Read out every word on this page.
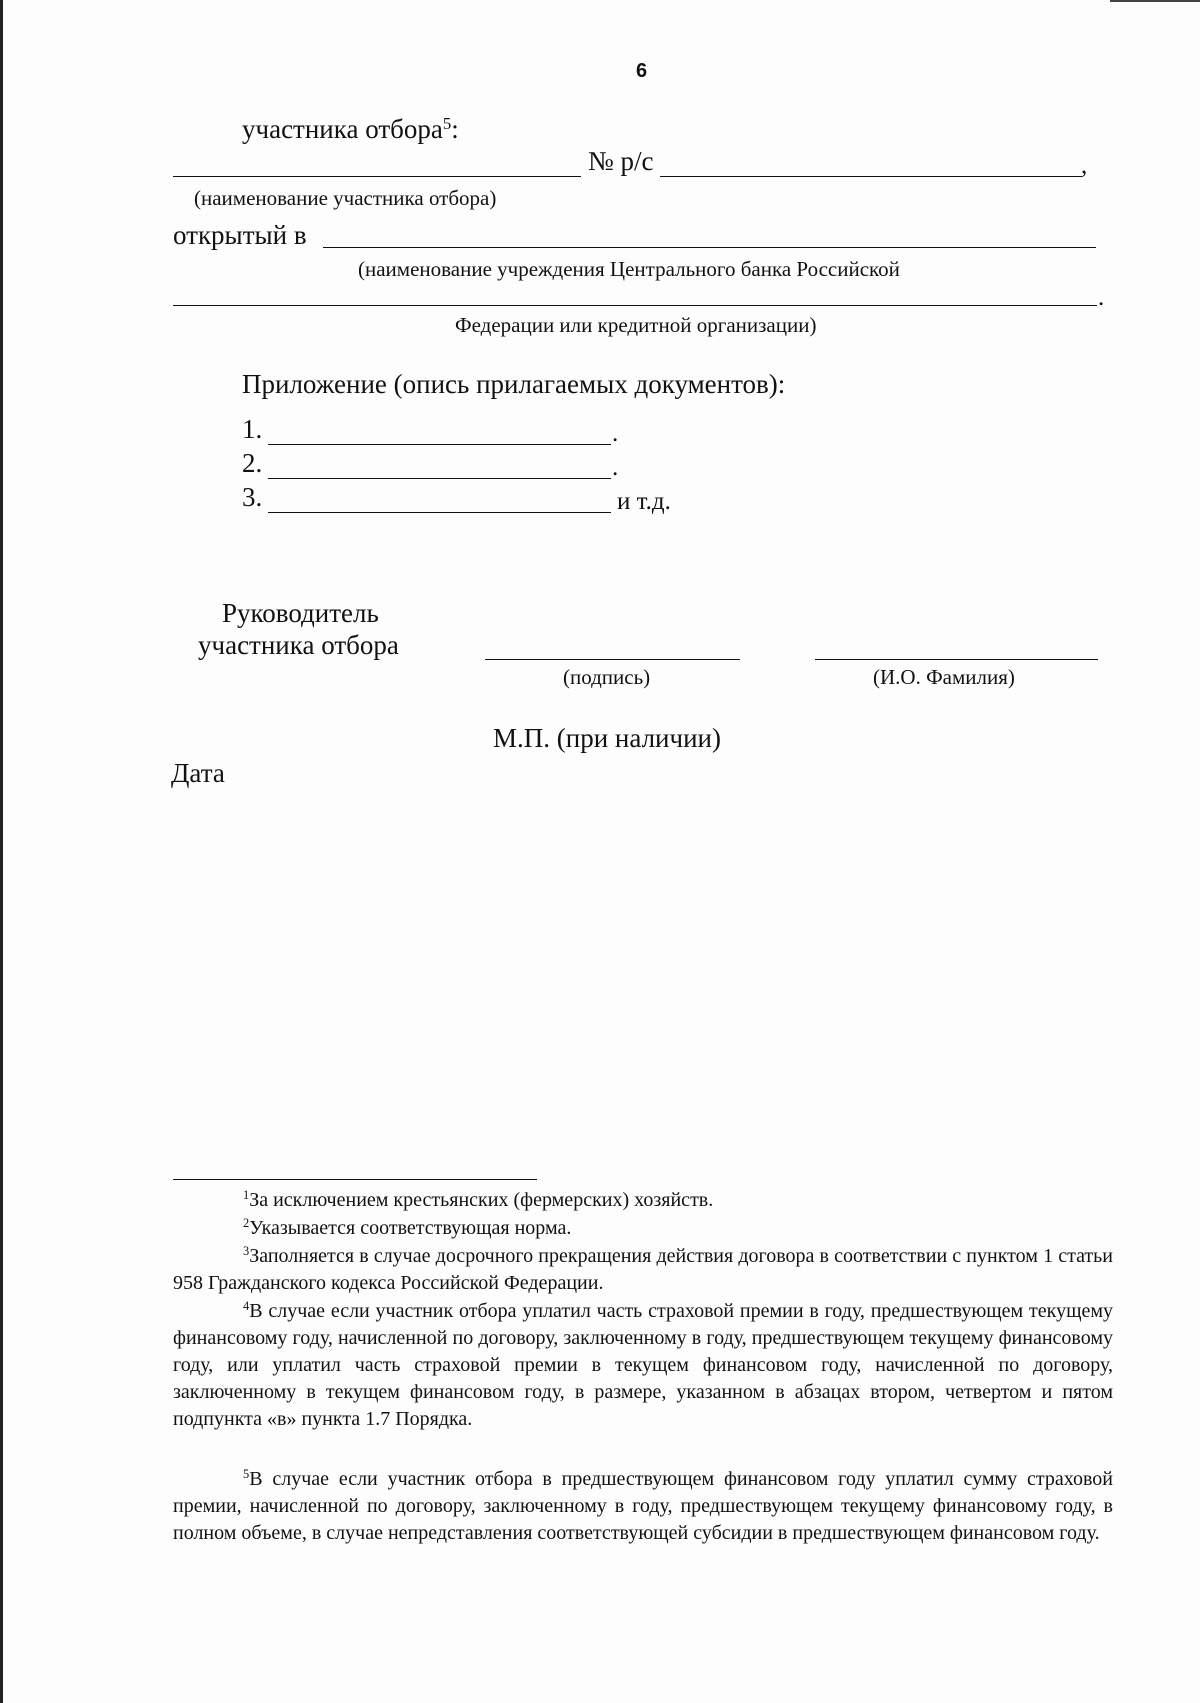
6
участника отбора$^5$:
№ р/с	,
(наименование участника отбора)
открытый в
(наименование учреждения Центрального банка Российской
.
Федерации или кредитной организации)
Приложение (опись прилагаемых документов):
1.	.
2.	.
3.	и т.д.
Руководитель
участника отбора
(подпись)	(И.О. Фамилия)
М.П. (при наличии)
Дата
$^1$За исключением крестьянских (фермерских) хозяйств.
$^2$Указывается соответствующая норма.
$^3$Заполняется в случае досрочного прекращения действия договора в соответствии с пунктом 1 статьи 958 Гражданского кодекса Российской Федерации.
$^4$В случае если участник отбора уплатил часть страховой премии в году, предшествующем текущему финансовому году, начисленной по договору, заключенному в году, предшествующем текущему финансовому году, или уплатил часть страховой премии в текущем финансовом году, начисленной по договору, заключенному в текущем финансовом году, в размере, указанном в абзацах втором, четвертом и пятом подпункта «в» пункта 1.7 Порядка.
$^5$В случае если участник отбора в предшествующем финансовом году уплатил сумму страховой премии, начисленной по договору, заключенному в году, предшествующем текущему финансовому году, в полном объеме, в случае непредставления соответствующей субсидии в предшествующем финансовом году.
